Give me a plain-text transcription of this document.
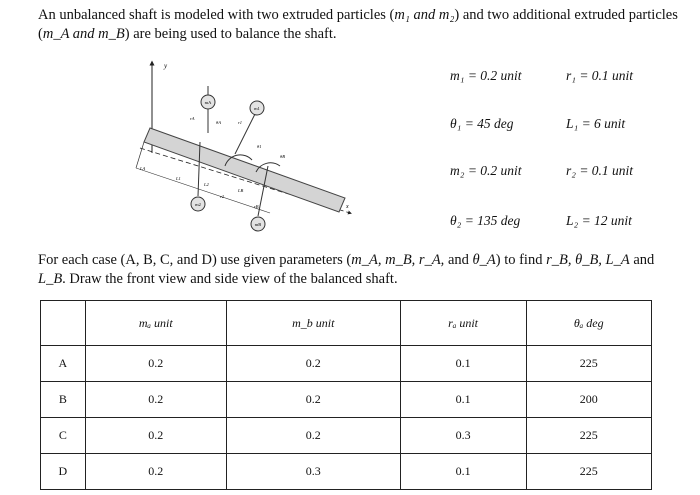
An unbalanced shaft is modeled with two extruded particles (m₁ and m₂) and two additional extruded particles (m_A and m_B) are being used to balance the shaft.

y
x
mA
m1
m2
mB
rA
θA	r1
θ1
θB
LA
L1
L2
LB
r2
rB
m₁ = 0.2 unit	r₁ = 0.1 unit
θ₁ = 45 deg	L₁ = 6 unit
m₂ = 0.2 unit	r₂ = 0.1 unit
θ₂ = 135 deg	L₂ = 12 unit

For each case (A, B, C, and D) use given parameters (m_A, m_B, r_A, and θ_A) to find r_B, θ_B, L_A and L_B. Draw the front view and side view of the balanced shaft.

	mₐ unit	m_b unit	rₐ unit	θₐ deg
A	0.2	0.2	0.1	225
B	0.2	0.2	0.1	200
C	0.2	0.2	0.3	225
D	0.2	0.3	0.1	225
